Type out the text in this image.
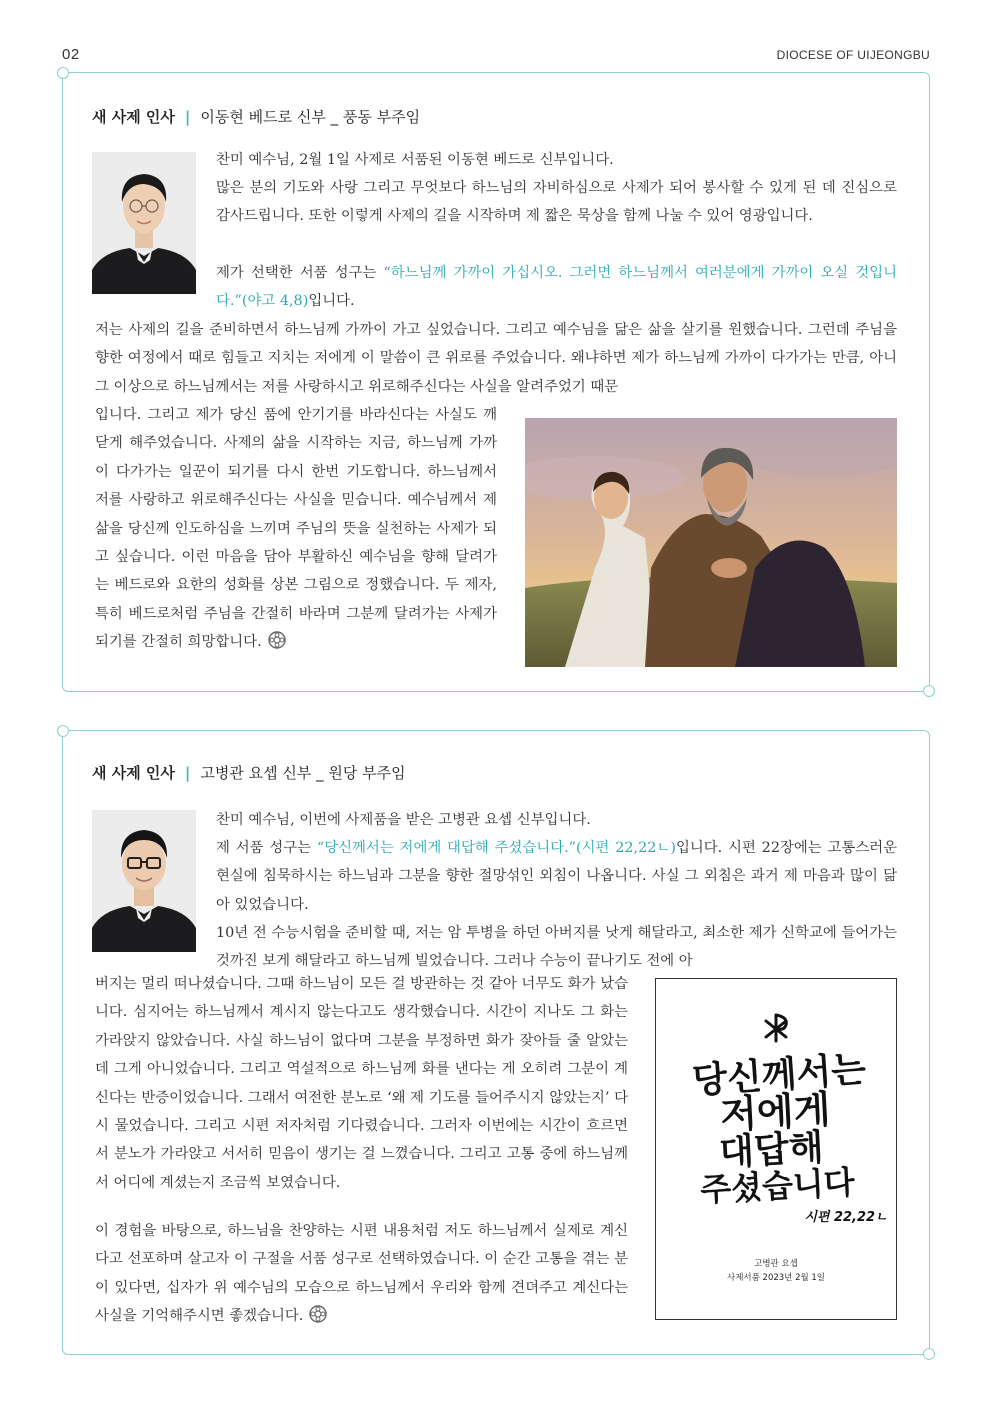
02	DIOCESE OF UIJEONGBU
새 사제 인사 | 이동현 베드로 신부 _ 풍동 부주임

찬미 예수님, 2월 1일 사제로 서품된 이동현 베드로 신부입니다.

많은 분의 기도와 사랑 그리고 무엇보다 하느님의 자비하심으로 사제가 되어 봉사할 수 있게 된 데 진심으로 감사드립니다. 또한 이렇게 사제의 길을 시작하며 제 짧은 묵상을 함께 나눌 수 있어 영광입니다.

제가 선택한 서품 성구는 “하느님께 가까이 가십시오. 그러면 하느님께서 여러분에게 가까이 오실 것입니다.”(야고 4,8)입니다.

저는 사제의 길을 준비하면서 하느님께 가까이 가고 싶었습니다. 그리고 예수님을 닮은 삶을 살기를 원했습니다. 그런데 주님을 향한 여정에서 때로 힘들고 지치는 저에게 이 말씀이 큰 위로를 주었습니다. 왜냐하면 제가 하느님께 가까이 다가가는 만큼, 아니 그 이상으로 하느님께서는 저를 사랑하시고 위로해주신다는 사실을 알려주었기 때문

입니다. 그리고 제가 당신 품에 안기기를 바라신다는 사실도 깨닫게 해주었습니다. 사제의 삶을 시작하는 지금, 하느님께 가까이 다가가는 일꾼이 되기를 다시 한번 기도합니다. 하느님께서 저를 사랑하고 위로해주신다는 사실을 믿습니다. 예수님께서 제 삶을 당신께 인도하심을 느끼며 주님의 뜻을 실천하는 사제가 되고 싶습니다. 이런 마음을 담아 부활하신 예수님을 향해 달려가는 베드로와 요한의 성화를 상본 그림으로 정했습니다. 두 제자, 특히 베드로처럼 주님을 간절히 바라며 그분께 달려가는 사제가 되기를 간절히 희망합니다.

새 사제 인사 | 고병관 요셉 신부 _ 원당 부주임

찬미 예수님, 이번에 사제품을 받은 고병관 요셉 신부입니다.

제 서품 성구는 “당신께서는 저에게 대답해 주셨습니다.”(시편 22,22ㄴ)입니다. 시편 22장에는 고통스러운 현실에 침묵하시는 하느님과 그분을 향한 절망섞인 외침이 나옵니다. 사실 그 외침은 과거 제 마음과 많이 닮아 있었습니다.

10년 전 수능시험을 준비할 때, 저는 암 투병을 하던 아버지를 낫게 해달라고, 최소한 제가 신학교에 들어가는 것까진 보게 해달라고 하느님께 빌었습니다. 그러나 수능이 끝나기도 전에 아

버지는 멀리 떠나셨습니다. 그때 하느님이 모든 걸 방관하는 것 같아 너무도 화가 났습니다. 심지어는 하느님께서 계시지 않는다고도 생각했습니다. 시간이 지나도 그 화는 가라앉지 않았습니다. 사실 하느님이 없다며 그분을 부정하면 화가 잦아들 줄 알았는데 그게 아니었습니다. 그리고 역설적으로 하느님께 화를 낸다는 게 오히려 그분이 계신다는 반증이었습니다. 그래서 여전한 분노로 ‘왜 제 기도를 들어주시지 않았는지’ 다시 물었습니다. 그리고 시편 저자처럼 기다렸습니다. 그러자 이번에는 시간이 흐르면서 분노가 가라앉고 서서히 믿음이 생기는 걸 느꼈습니다. 그리고 고통 중에 하느님께서 어디에 계셨는지 조금씩 보였습니다.

이 경험을 바탕으로, 하느님을 찬양하는 시편 내용처럼 저도 하느님께서 실제로 계신다고 선포하며 살고자 이 구절을 서품 성구로 선택하였습니다. 이 순간 고통을 겪는 분이 있다면, 십자가 위 예수님의 모습으로 하느님께서 우리와 함께 견뎌주고 계신다는 사실을 기억해주시면 좋겠습니다.

당신께서는
저에게
대답해
주셨습니다
시편 22,22ㄴ
고병관 요셉
사제서품 2023년 2월 1일
